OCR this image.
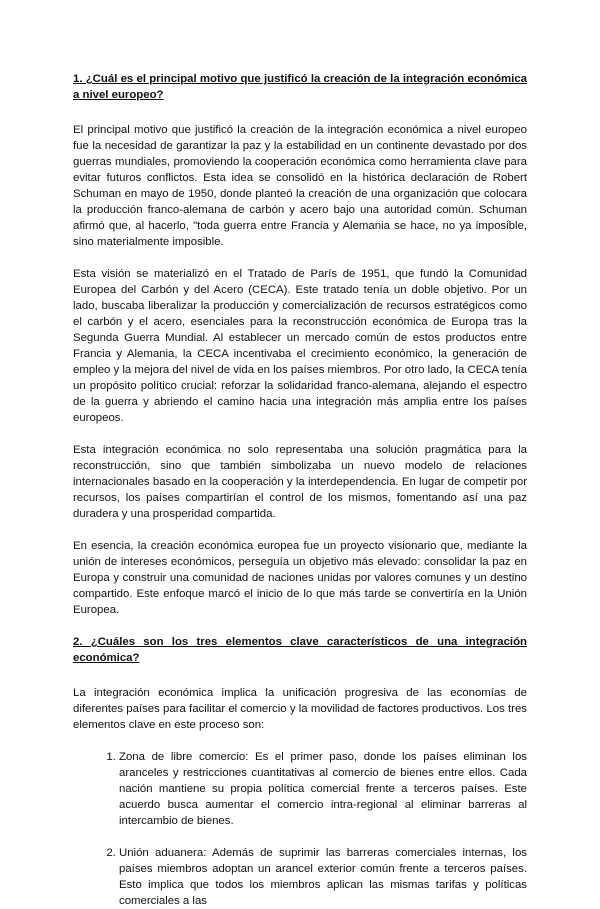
1. ¿Cuál es el principal motivo que justificó la creación de la integración económica a nivel europeo?

El principal motivo que justificó la creación de la integración económica a nivel europeo fue la necesidad de garantizar la paz y la estabilidad en un continente devastado por dos guerras mundiales, promoviendo la cooperación económica como herramienta clave para evitar futuros conflictos. Esta idea se consolidó en la histórica declaración de Robert Schuman en mayo de 1950, donde planteó la creación de una organización que colocara la producción franco-alemana de carbón y acero bajo una autoridad común. Schuman afirmó que, al hacerlo, "toda guerra entre Francia y Alemania se hace, no ya imposible, sino materialmente imposible.

Esta visión se materializó en el Tratado de París de 1951, que fundó la Comunidad Europea del Carbón y del Acero (CECA). Este tratado tenía un doble objetivo. Por un lado, buscaba liberalizar la producción y comercialización de recursos estratégicos como el carbón y el acero, esenciales para la reconstrucción económica de Europa tras la Segunda Guerra Mundial. Al establecer un mercado común de estos productos entre Francia y Alemania, la CECA incentivaba el crecimiento económico, la generación de empleo y la mejora del nivel de vida en los países miembros. Por otro lado, la CECA tenía un propósito político crucial: reforzar la solidaridad franco-alemana, alejando el espectro de la guerra y abriendo el camino hacia una integración más amplia entre los países europeos.

Esta integración económica no solo representaba una solución pragmática para la reconstrucción, sino que también simbolizaba un nuevo modelo de relaciones internacionales basado en la cooperación y la interdependencia. En lugar de competir por recursos, los países compartirían el control de los mismos, fomentando así una paz duradera y una prosperidad compartida.

En esencia, la creación económica europea fue un proyecto visionario que, mediante la unión de intereses económicos, perseguía un objetivo más elevado: consolidar la paz en Europa y construir una comunidad de naciones unidas por valores comunes y un destino compartido. Este enfoque marcó el inicio de lo que más tarde se convertiría en la Unión Europea.

2. ¿Cuáles son los tres elementos clave característicos de una integración económica?

La integración económica implica la unificación progresiva de las economías de diferentes países para facilitar el comercio y la movilidad de factores productivos. Los tres elementos clave en este proceso son:

1. Zona de libre comercio: Es el primer paso, donde los países eliminan los aranceles y restricciones cuantitativas al comercio de bienes entre ellos. Cada nación mantiene su propia política comercial frente a terceros países. Este acuerdo busca aumentar el comercio intra-regional al eliminar barreras al intercambio de bienes.
2. Unión aduanera: Además de suprimir las barreras comerciales internas, los países miembros adoptan un arancel exterior común frente a terceros países. Esto implica que todos los miembros aplican las mismas tarifas y políticas comerciales a las
